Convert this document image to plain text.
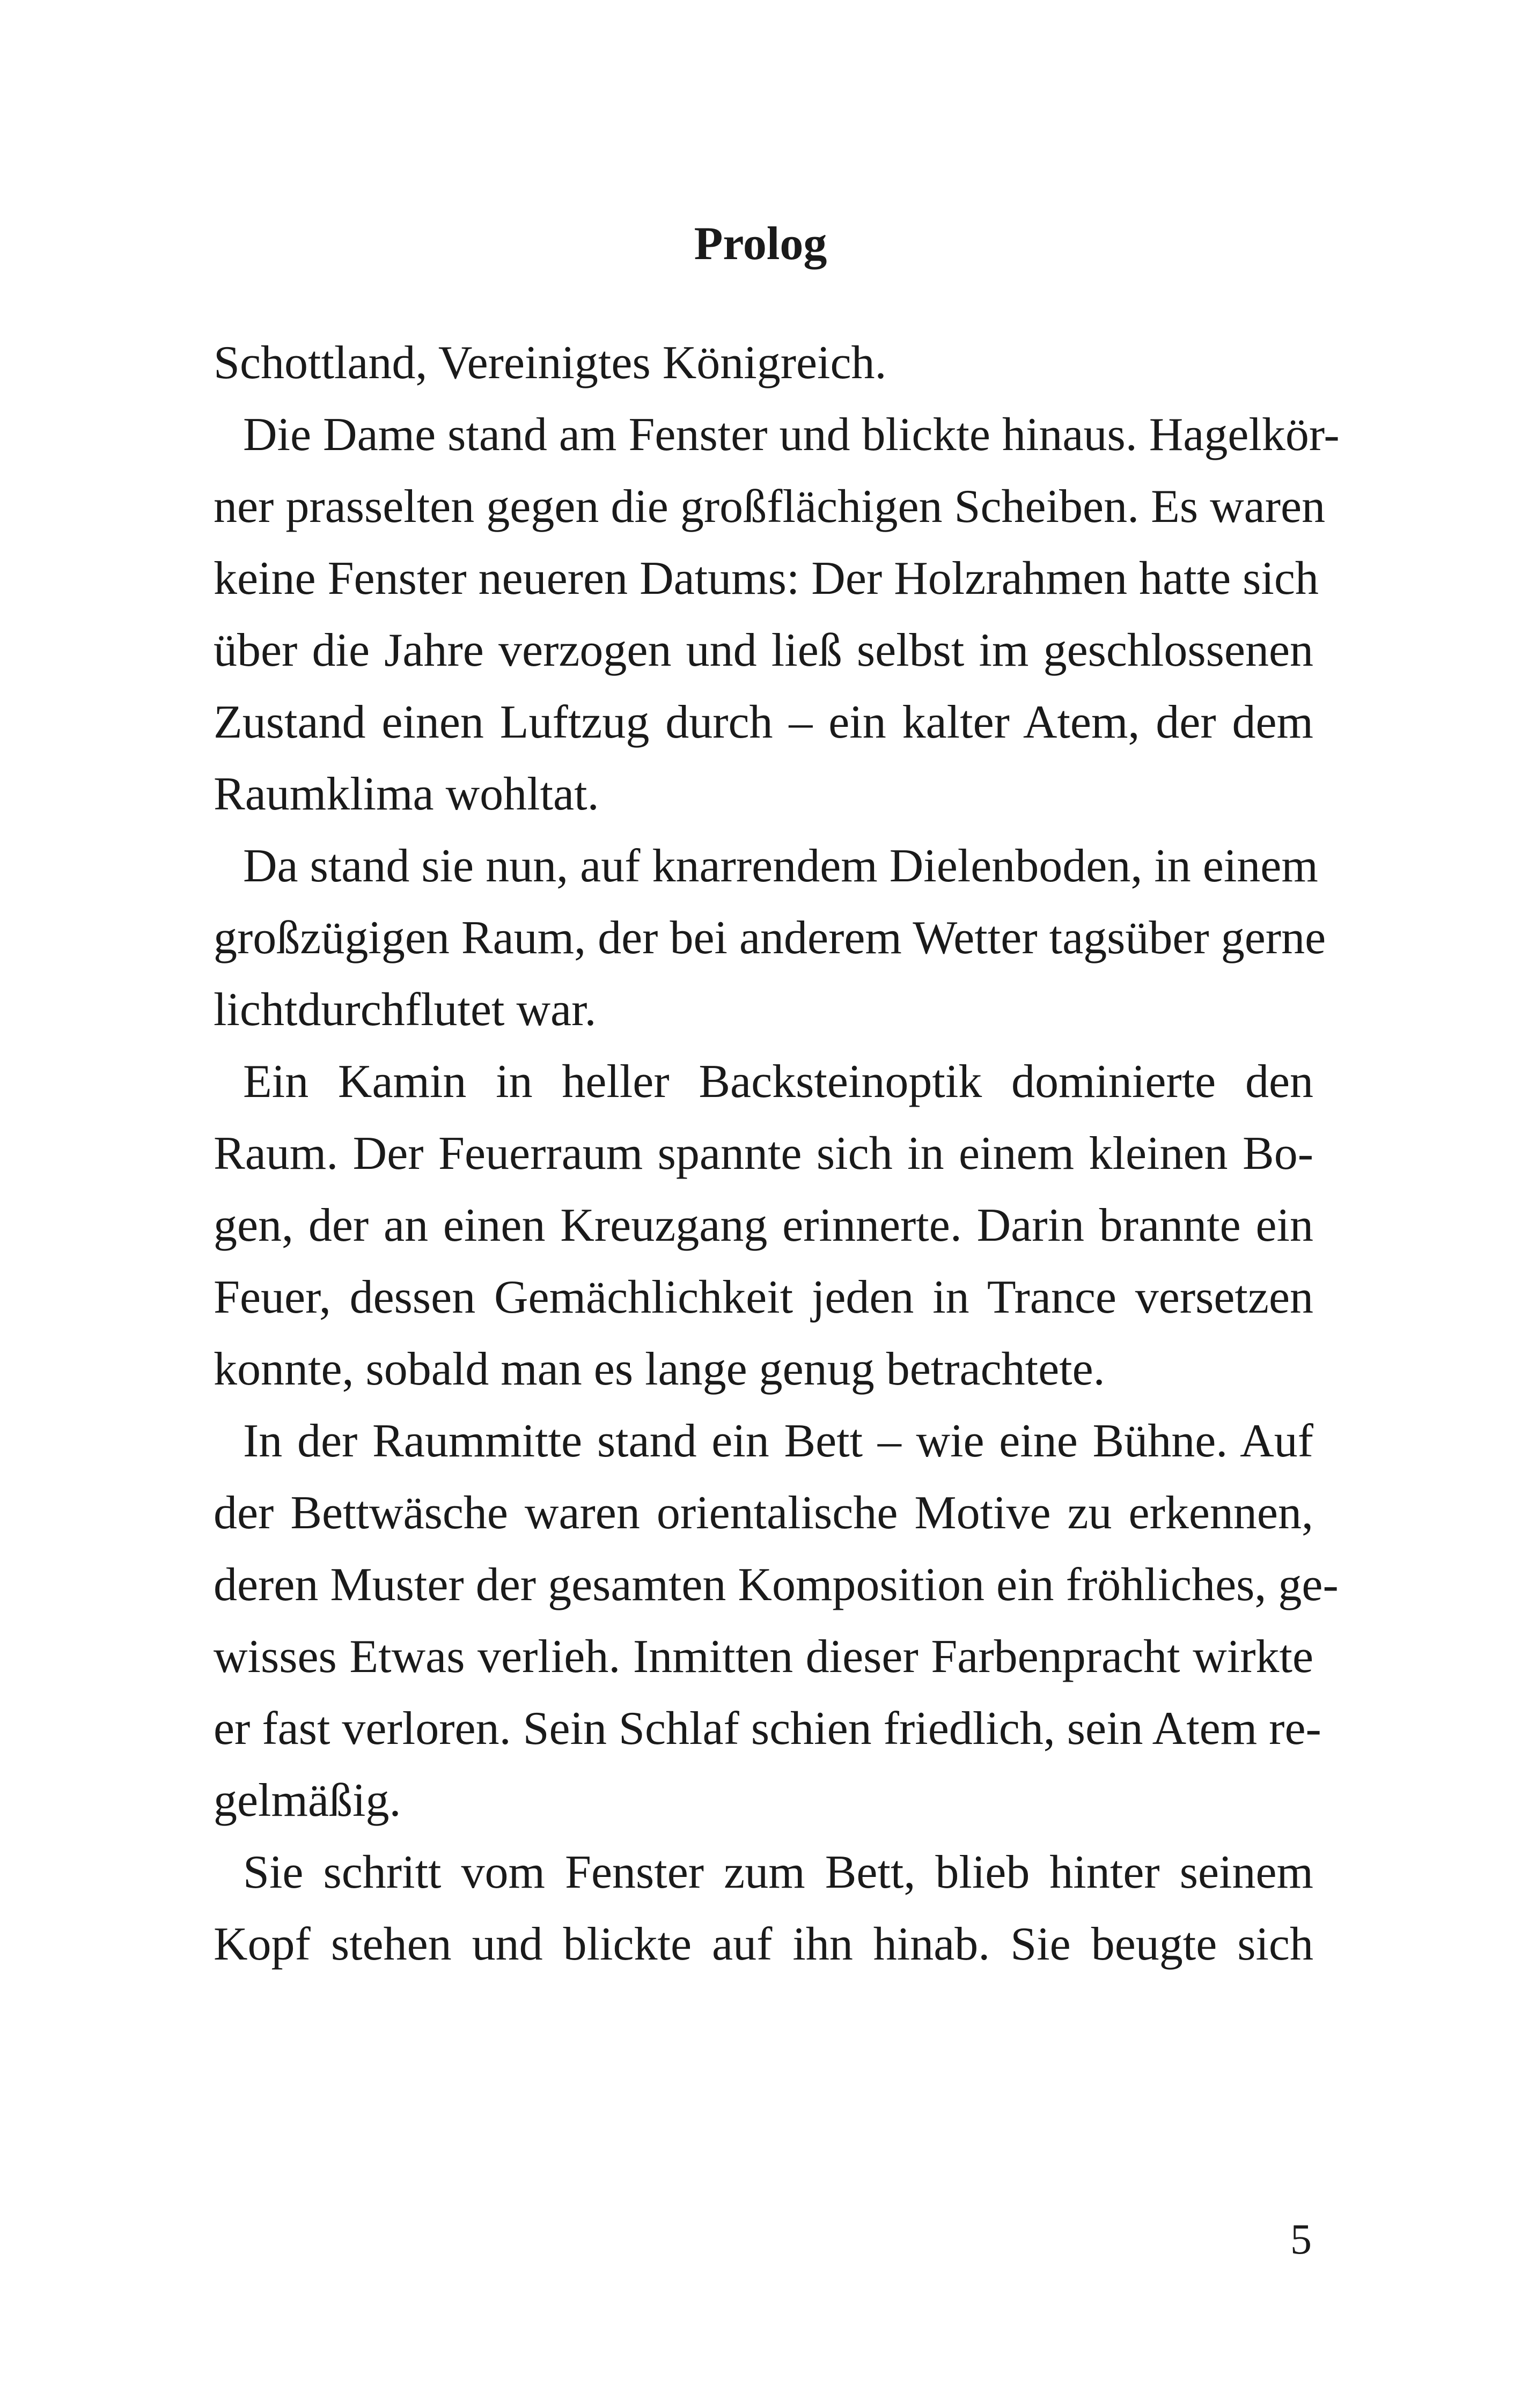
Prolog
Schottland, Vereinigtes Königreich.
Die Dame stand am Fenster und blickte hinaus. Hagelkör-
ner prasselten gegen die großflächigen Scheiben. Es waren
keine Fenster neueren Datums: Der Holzrahmen hatte sich
über die Jahre verzogen und ließ selbst im geschlossenen
Zustand einen Luftzug durch – ein kalter Atem, der dem
Raumklima wohltat.
Da stand sie nun, auf knarrendem Dielenboden, in einem
großzügigen Raum, der bei anderem Wetter tagsüber gerne
lichtdurchflutet war.
Ein Kamin in heller Backsteinoptik dominierte den
Raum. Der Feuerraum spannte sich in einem kleinen Bo-
gen, der an einen Kreuzgang erinnerte. Darin brannte ein
Feuer, dessen Gemächlichkeit jeden in Trance versetzen
konnte, sobald man es lange genug betrachtete.
In der Raummitte stand ein Bett – wie eine Bühne. Auf
der Bettwäsche waren orientalische Motive zu erkennen,
deren Muster der gesamten Komposition ein fröhliches, ge-
wisses Etwas verlieh. Inmitten dieser Farbenpracht wirkte
er fast verloren. Sein Schlaf schien friedlich, sein Atem re-
gelmäßig.
Sie schritt vom Fenster zum Bett, blieb hinter seinem
Kopf stehen und blickte auf ihn hinab. Sie beugte sich

5
